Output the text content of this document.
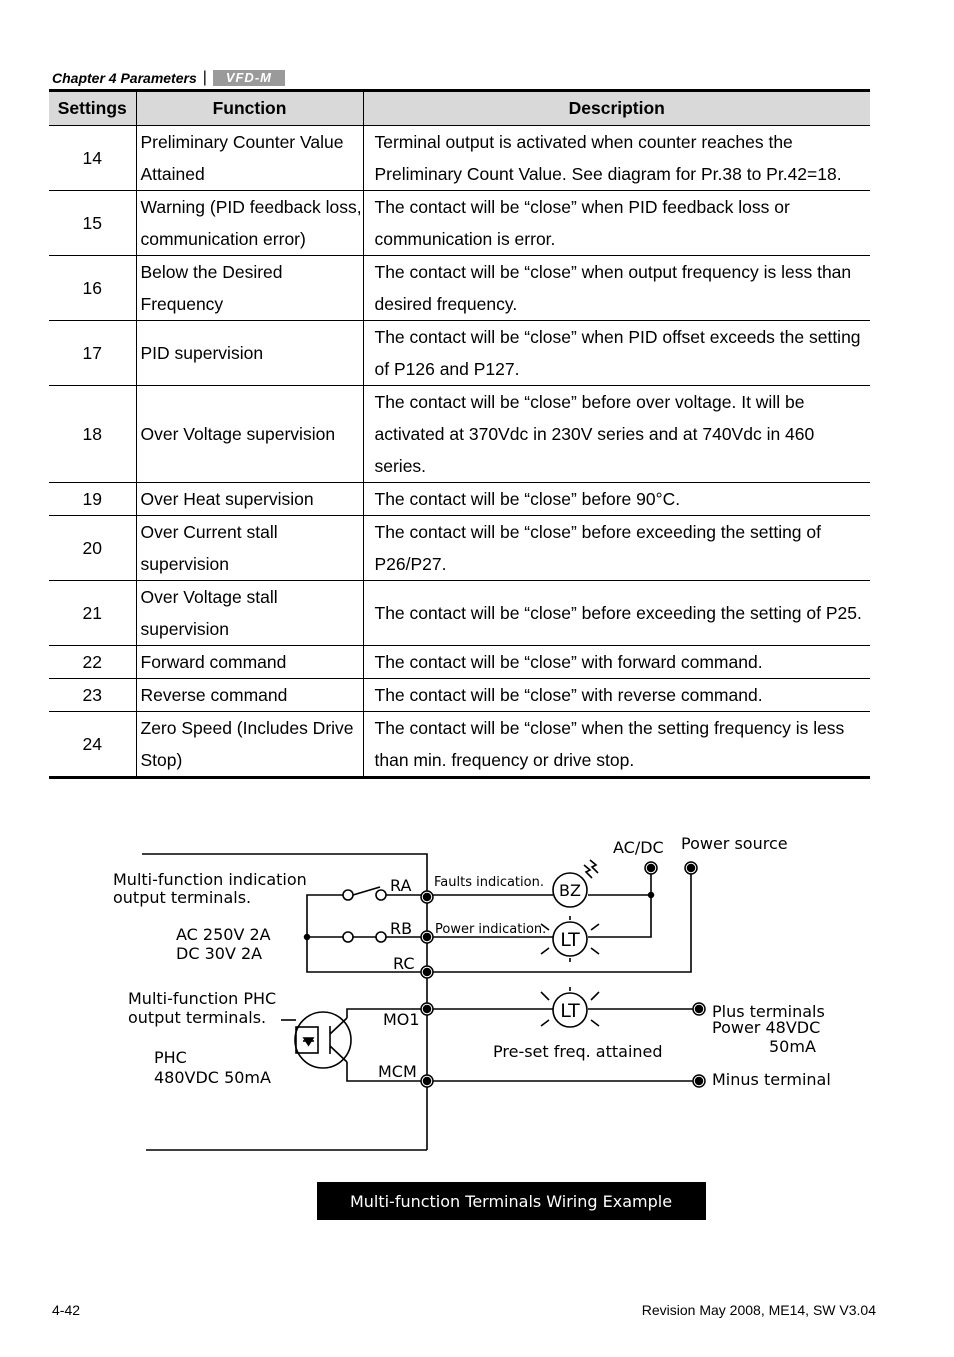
Chapter 4 Parameters |	VFD-M
Settings	Function	Description
14	Preliminary Counter Value Attained	Terminal output is activated when counter reaches the Preliminary Count Value. See diagram for Pr.38 to Pr.42=18.
15	Warning (PID feedback loss, communication error)	The contact will be “close” when PID feedback loss or communication is error.
16	Below the Desired Frequency	The contact will be “close” when output frequency is less than desired frequency.
17	PID supervision	The contact will be “close” when PID offset exceeds the setting of P126 and P127.
18	Over Voltage supervision	The contact will be “close” before over voltage. It will be activated at 370Vdc in 230V series and at 740Vdc in 460 series.
19	Over Heat supervision	The contact will be “close” before 90°C.
20	Over Current stall supervision	The contact will be “close” before exceeding the setting of P26/P27.
21	Over Voltage stall supervision	The contact will be “close” before exceeding the setting of P25.
22	Forward command	The contact will be “close” with forward command.
23	Reverse command	The contact will be “close” with reverse command.
24	Zero Speed (Includes Drive Stop)	The contact will be “close” when the setting frequency is less than min. frequency or drive stop.
Multi-function indication
output terminals.
AC 250V 2A
DC 30V 2A
Multi-function PHC
output terminals.
PHC
480VDC 50mA
RA
RB
RC
MO1
MCM
Faults indication.
Power indication.
BZ
LT
LT
AC/DC Power source
Pre-set freq. attained
Plus terminals
Power 48VDC
50mA
Minus terminal
Multi-function Terminals Wiring Example
4-42	Revision May 2008, ME14, SW V3.04
